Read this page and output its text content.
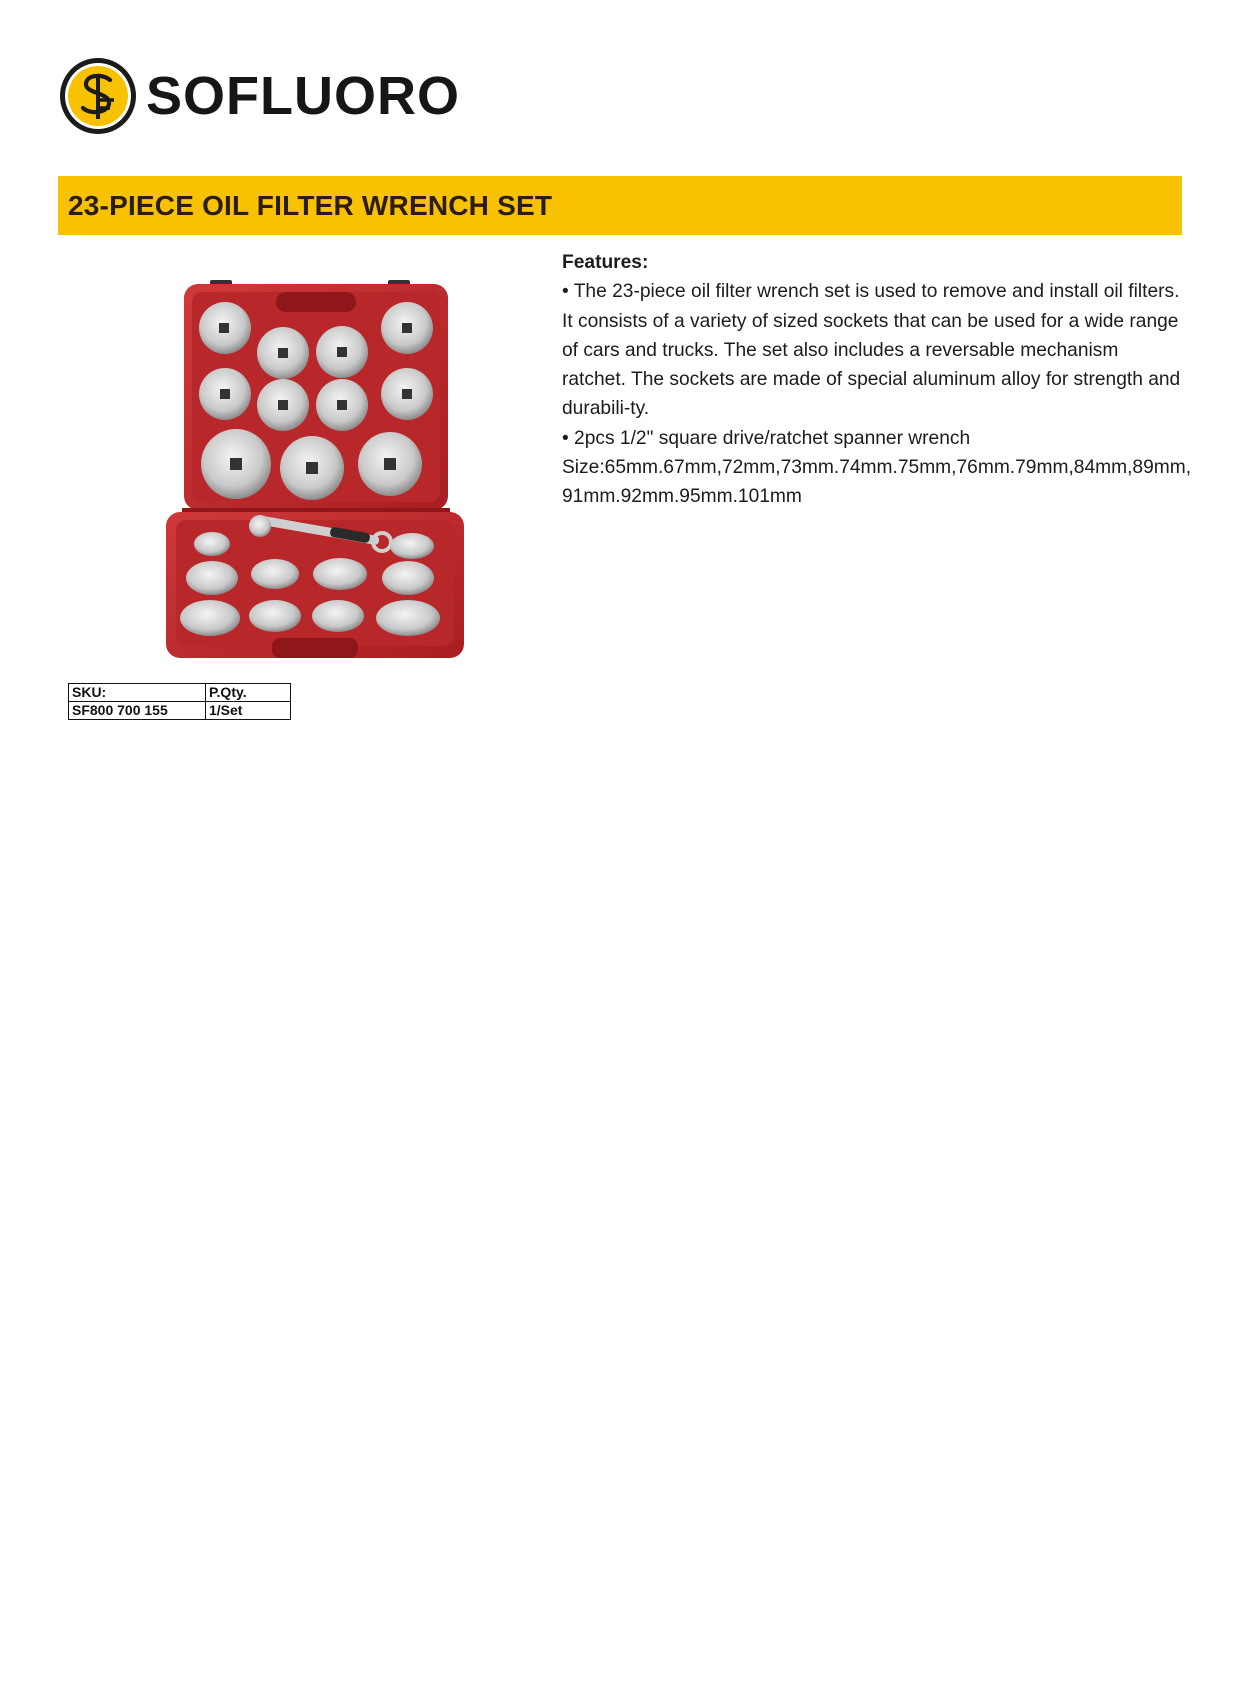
SOFLUORO
23-PIECE OIL FILTER WRENCH SET
Features:

• The 23-piece oil filter wrench set is used to remove and install oil filters. It consists of a variety of sized sockets that can be used for a wide range of cars and trucks. The set also includes a reversable mechanism ratchet. The sockets are made of special aluminum alloy for strength and durabili-ty.

• 2pcs 1/2" square drive/ratchet spanner wrench

Size:65mm.67mm,72mm,73mm.74mm.75mm,76mm.79mm,84mm,89mm, 91mm.92mm.95mm.101mm

SKU:	P.Qty.
SF800 700 155	1/Set
